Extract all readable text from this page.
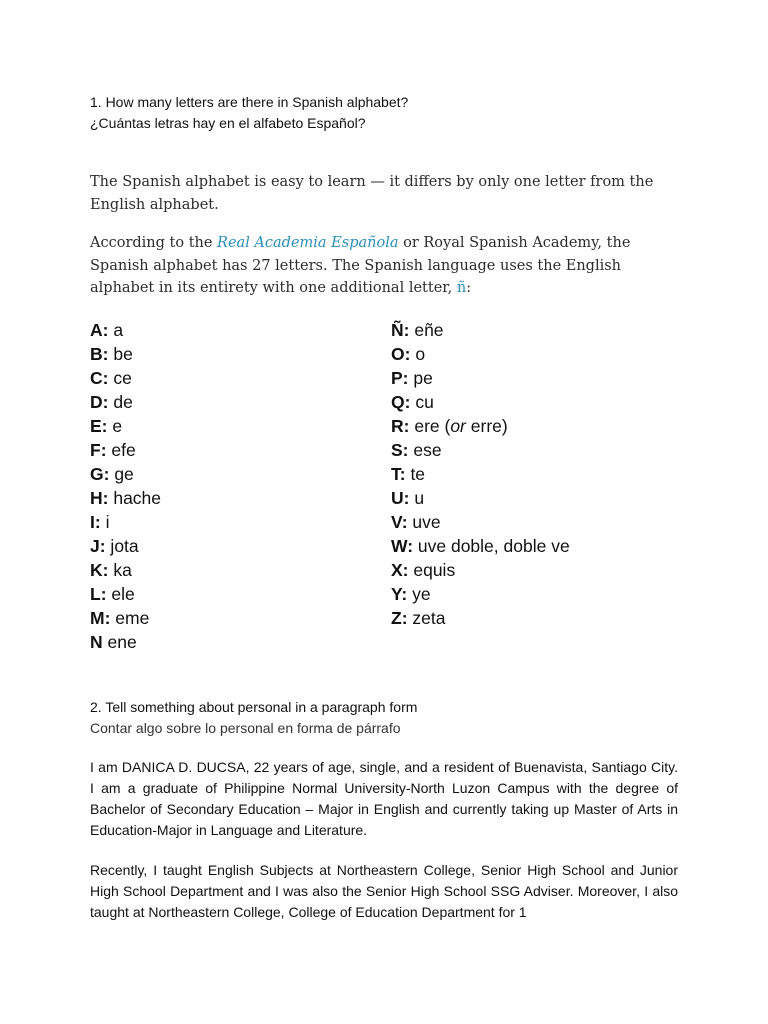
1. How many letters are there in Spanish alphabet?
¿Cuántas letras hay en el alfabeto Español?
The Spanish alphabet is easy to learn — it differs by only one letter from the English alphabet.
According to the Real Academia Española or Royal Spanish Academy, the Spanish alphabet has 27 letters. The Spanish language uses the English alphabet in its entirety with one additional letter, ñ:
A: a
B: be
C: ce
D: de
E: e
F: efe
G: ge
H: hache
I: i
J: jota
K: ka
L: ele
M: eme
N ene
Ñ: eñe
O: o
P: pe
Q: cu
R: ere (or erre)
S: ese
T: te
U: u
V: uve
W: uve doble, doble ve
X: equis
Y: ye
Z: zeta
2. Tell something about personal in a paragraph form
Contar algo sobre lo personal en forma de párrafo
I am DANICA D. DUCSA, 22 years of age, single, and a resident of Buenavista, Santiago City. I am a graduate of Philippine Normal University-North Luzon Campus with the degree of Bachelor of Secondary Education – Major in English and currently taking up Master of Arts in Education-Major in Language and Literature.
Recently, I taught English Subjects at Northeastern College, Senior High School and Junior High School Department and I was also the Senior High School SSG Adviser. Moreover, I also taught at Northeastern College, College of Education Department for 1
